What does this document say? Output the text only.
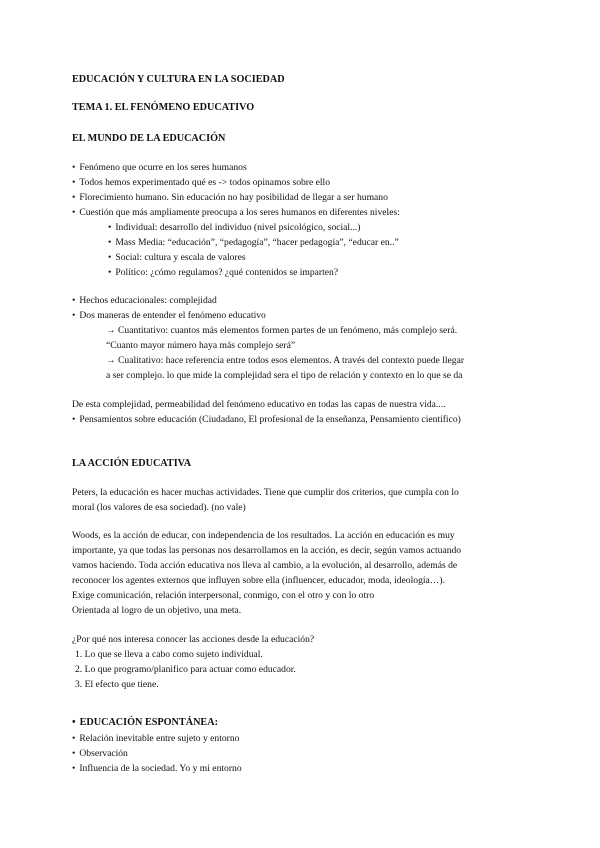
EDUCACIÓN Y CULTURA EN LA SOCIEDAD
TEMA 1. EL FENÓMENO EDUCATIVO
EL MUNDO DE LA EDUCACIÓN
• Fenómeno que ocurre en los seres humanos
• Todos hemos experimentado qué es -> todos opinamos sobre ello
• Florecimiento humano. Sin educación no hay posibilidad de llegar a ser humano
• Cuestión que más ampliamente preocupa a los seres humanos en diferentes niveles:
• Individual: desarrollo del individuo (nivel psicológico, social...)
• Mass Media: “educación”, “pedagogía”, “hacer pedagogía”, “educar en..”
• Social: cultura y escala de valores
• Político: ¿cómo regulamos? ¿qué contenidos se imparten?
• Hechos educacionales: complejidad
• Dos maneras de entender el fenómeno educativo
→ Cuantitativo: cuantos más elementos formen partes de un fenómeno, más complejo será.
“Cuanto mayor número haya más complejo será”
→ Cualitativo: hace referencia entre todos esos elementos. A través del contexto puede llegar
a ser complejo. lo que mide la complejidad sera el tipo de relación y contexto en lo que se da
De esta complejidad, permeabilidad del fenómeno educativo en todas las capas de nuestra vida....
• Pensamientos sobre educación (Ciudadano, El profesional de la enseñanza, Pensamiento científico)
LA ACCIÓN EDUCATIVA
Peters, la educación es hacer muchas actividades. Tiene que cumplir dos criterios, que cumpla con lo
moral (los valores de esa sociedad). (no vale)
Woods, es la acción de educar, con independencia de los resultados. La acción en educación es muy
importante, ya que todas las personas nos desarrollamos en la acción, es decir, según vamos actuando
vamos haciendo. Toda acción educativa nos lleva al cambio, a la evolución, al desarrollo, además de
reconocer los agentes externos que influyen sobre ella (influencer, educador, moda, ideología…).
Exige comunicación, relación interpersonal, conmigo, con el otro y con lo otro
Orientada al logro de un objetivo, una meta.
¿Por qué nos interesa conocer las acciones desde la educación?
1. Lo que se lleva a cabo como sujeto individual.
2. Lo que programo/planifico para actuar como educador.
3. El efecto que tiene.
• EDUCACIÓN ESPONTÁNEA:
• Relación inevitable entre sujeto y entorno
• Observación
• Influencia de la sociedad. Yo y mi entorno
